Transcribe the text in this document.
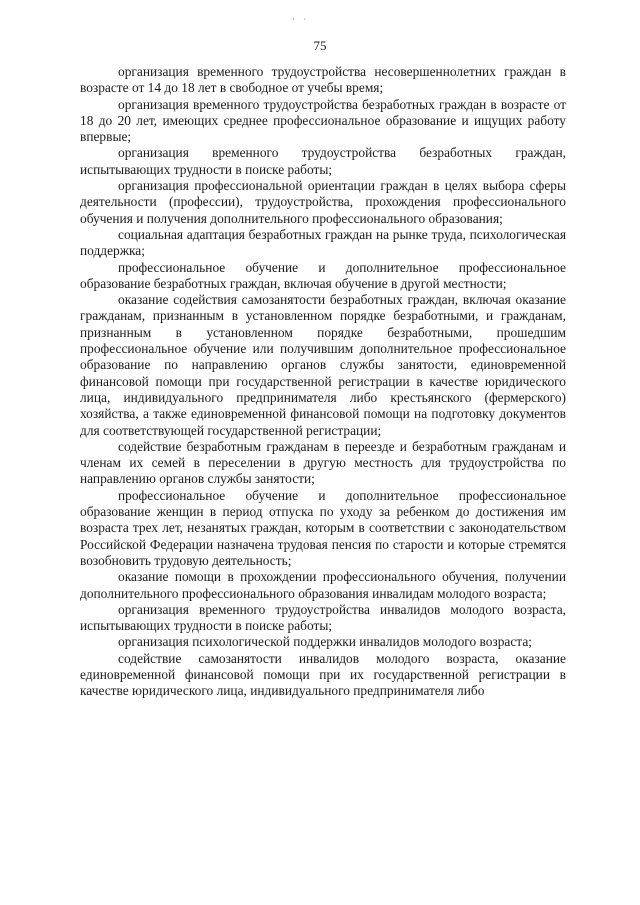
· ·
75

организация временного трудоустройства несовершеннолетних граждан в возрасте от 14 до 18 лет в свободное от учебы время;

организация временного трудоустройства безработных граждан в возрасте от 18 до 20 лет, имеющих среднее профессиональное образование и ищущих работу впервые;

организация временного трудоустройства безработных граждан, испытывающих трудности в поиске работы;

организация профессиональной ориентации граждан в целях выбора сферы деятельности (профессии), трудоустройства, прохождения профессионального обучения и получения дополнительного профессионального образования;

социальная адаптация безработных граждан на рынке труда, психологическая поддержка;

профессиональное обучение и дополнительное профессиональное образование безработных граждан, включая обучение в другой местности;

оказание содействия самозанятости безработных граждан, включая оказание гражданам, признанным в установленном порядке безработными, и гражданам, признанным в установленном порядке безработными, прошедшим профессиональное обучение или получившим дополнительное профессиональное образование по направлению органов службы занятости, единовременной финансовой помощи при государственной регистрации в качестве юридического лица, индивидуального предпринимателя либо крестьянского (фермерского) хозяйства, а также единовременной финансовой помощи на подготовку документов для соответствующей государственной регистрации;

содействие безработным гражданам в переезде и безработным гражданам и членам их семей в переселении в другую местность для трудоустройства по направлению органов службы занятости;

профессиональное обучение и дополнительное профессиональное образование женщин в период отпуска по уходу за ребенком до достижения им возраста трех лет, незанятых граждан, которым в соответствии с законодательством Российской Федерации назначена трудовая пенсия по старости и которые стремятся возобновить трудовую деятельность;

оказание помощи в прохождении профессионального обучения, получении дополнительного профессионального образования инвалидам молодого возраста;

организация временного трудоустройства инвалидов молодого возраста, испытывающих трудности в поиске работы;

организация психологической поддержки инвалидов молодого возраста;

содействие самозанятости инвалидов молодого возраста, оказание единовременной финансовой помощи при их государственной регистрации в качестве юридического лица, индивидуального предпринимателя либо
